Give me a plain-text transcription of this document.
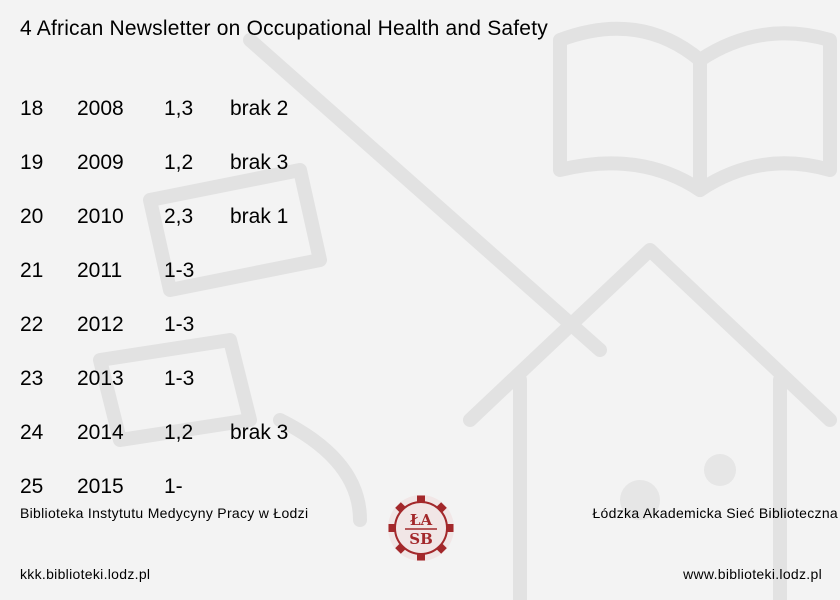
4 African Newsletter on Occupational Health and Safety
18 2008 1,3 brak 2
19 2009 1,2 brak 3
20 2010 2,3 brak 1
21 2011 1-3
22 2012 1-3
23 2013 1-3
24 2014 1,2 brak 3
25 2015 1-
Biblioteka Instytutu Medycyny Pracy w Łodzi	Łódzka Akademicka Sieć Biblioteczna
kkk.biblioteki.lodz.pl	www.biblioteki.lodz.pl
ŁA
SB
